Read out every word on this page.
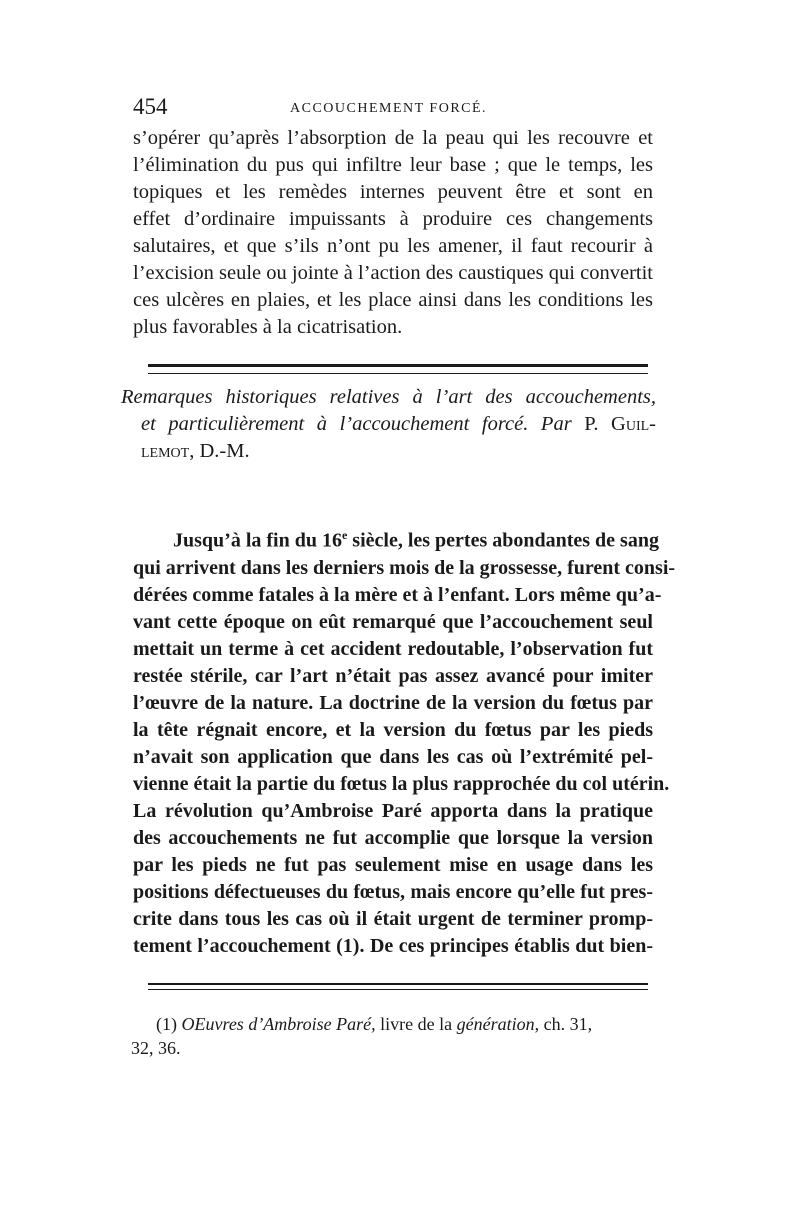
454	ACCOUCHEMENT FORCÉ.

s’opérer qu’après l’absorption de la peau qui les recouvre et
l’élimination du pus qui infiltre leur base ; que le temps, les
topiques et les remèdes internes peuvent être et sont en
effet d’ordinaire impuissants à produire ces changements
salutaires, et que s’ils n’ont pu les amener, il faut recourir à
l’excision seule ou jointe à l’action des caustiques qui convertit
ces ulcères en plaies, et les place ainsi dans les conditions les
plus favorables à la cicatrisation.

Remarques historiques relatives à l’art des accouchements,
et particulièrement à l’accouchement forcé. Par P. Guil-
lemot, D.-M.

Jusqu’à la fin du 16e siècle, les pertes abondantes de sang
qui arrivent dans les derniers mois de la grossesse, furent consi-
dérées comme fatales à la mère et à l’enfant. Lors même qu’a-
vant cette époque on eût remarqué que l’accouchement seul
mettait un terme à cet accident redoutable, l’observation fut
restée stérile, car l’art n’était pas assez avancé pour imiter
l’œuvre de la nature. La doctrine de la version du fœtus par
la tête régnait encore, et la version du fœtus par les pieds
n’avait son application que dans les cas où l’extrémité pel-
vienne était la partie du fœtus la plus rapprochée du col utérin.
La révolution qu’Ambroise Paré apporta dans la pratique
des accouchements ne fut accomplie que lorsque la version
par les pieds ne fut pas seulement mise en usage dans les
positions défectueuses du fœtus, mais encore qu’elle fut pres-
crite dans tous les cas où il était urgent de terminer promp-
tement l’accouchement (1). De ces principes établis dut bien-

(1) OEuvres d’Ambroise Paré, livre de la génération, ch. 31,
32, 36.
